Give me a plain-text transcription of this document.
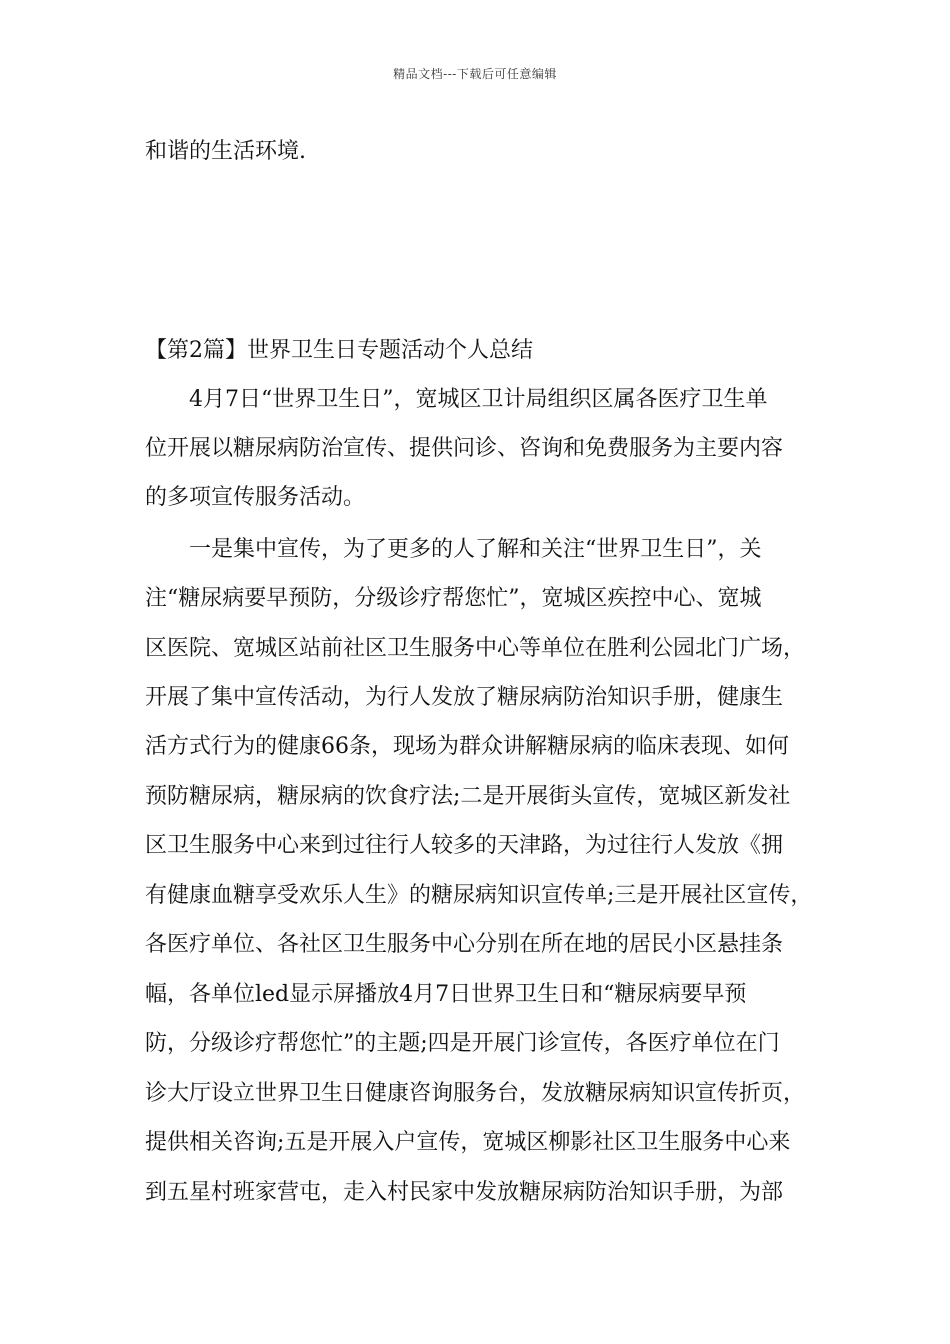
精品文档---下载后可任意编辑
和谐的生活环境.
【第2篇】世界卫生日专题活动个人总结
4月7日“世界卫生日”，宽城区卫计局组织区属各医疗卫生单
位开展以糖尿病防治宣传、提供问诊、咨询和免费服务为主要内容
的多项宣传服务活动。
一是集中宣传，为了更多的人了解和关注“世界卫生日”，关
注“糖尿病要早预防，分级诊疗帮您忙”，宽城区疾控中心、宽城
区医院、宽城区站前社区卫生服务中心等单位在胜利公园北门广场，
开展了集中宣传活动，为行人发放了糖尿病防治知识手册，健康生
活方式行为的健康66条，现场为群众讲解糖尿病的临床表现、如何
预防糖尿病，糖尿病的饮食疗法;二是开展街头宣传，宽城区新发社
区卫生服务中心来到过往行人较多的天津路，为过往行人发放《拥
有健康血糖享受欢乐人生》的糖尿病知识宣传单;三是开展社区宣传，
各医疗单位、各社区卫生服务中心分别在所在地的居民小区悬挂条
幅，各单位led显示屏播放4月7日世界卫生日和“糖尿病要早预
防，分级诊疗帮您忙”的主题;四是开展门诊宣传，各医疗单位在门
诊大厅设立世界卫生日健康咨询服务台，发放糖尿病知识宣传折页，
提供相关咨询;五是开展入户宣传，宽城区柳影社区卫生服务中心来
到五星村班家营屯，走入村民家中发放糖尿病防治知识手册，为部
